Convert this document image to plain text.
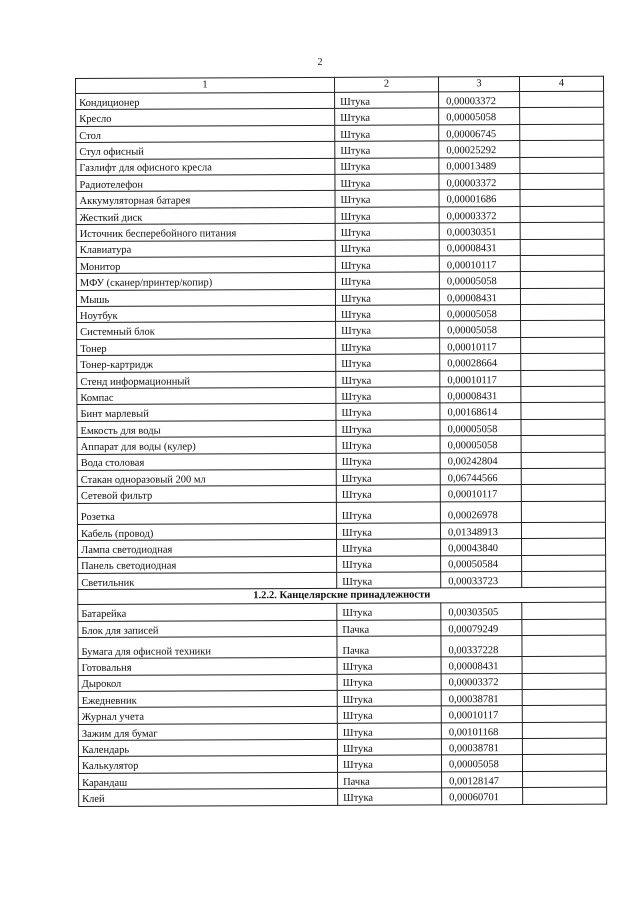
2
1	2	3	4
Кондиционер	Штука	0,00003372	
Кресло	Штука	0,00005058	
Стол	Штука	0,00006745	
Стул офисный	Штука	0,00025292	
Газлифт для офисного кресла	Штука	0,00013489	
Радиотелефон	Штука	0,00003372	
Аккумуляторная батарея	Штука	0,00001686	
Жесткий диск	Штука	0,00003372	
Источник бесперебойного питания	Штука	0,00030351	
Клавиатура	Штука	0,00008431	
Монитор	Штука	0,00010117	
МФУ (сканер/принтер/копир)	Штука	0,00005058	
Мышь	Штука	0,00008431	
Ноутбук	Штука	0,00005058	
Системный блок	Штука	0,00005058	
Тонер	Штука	0,00010117	
Тонер-картридж	Штука	0,00028664	
Стенд информационный	Штука	0,00010117	
Компас	Штука	0,00008431	
Бинт марлевый	Штука	0,00168614	
Емкость для воды	Штука	0,00005058	
Аппарат для воды (кулер)	Штука	0,00005058	
Вода столовая	Штука	0,00242804	
Стакан одноразовый 200 мл	Штука	0,06744566	
Сетевой фильтр	Штука	0,00010117	
Розетка	Штука	0,00026978	
Кабель (провод)	Штука	0,01348913	
Лампа светодиодная	Штука	0,00043840	
Панель светодиодная	Штука	0,00050584	
Светильник	Штука	0,00033723	
1.2.2. Канцелярские принадлежности			
Батарейка	Штука	0,00303505	
Блок для записей	Пачка	0,00079249	
Бумага для офисной техники	Пачка	0,00337228	
Готовальня	Штука	0,00008431	
Дырокол	Штука	0,00003372	
Ежедневник	Штука	0,00038781	
Журнал учета	Штука	0,00010117	
Зажим для бумаг	Штука	0,00101168	
Календарь	Штука	0,00038781	
Калькулятор	Штука	0,00005058	
Карандаш	Пачка	0,00128147	
Клей	Штука	0,00060701	
